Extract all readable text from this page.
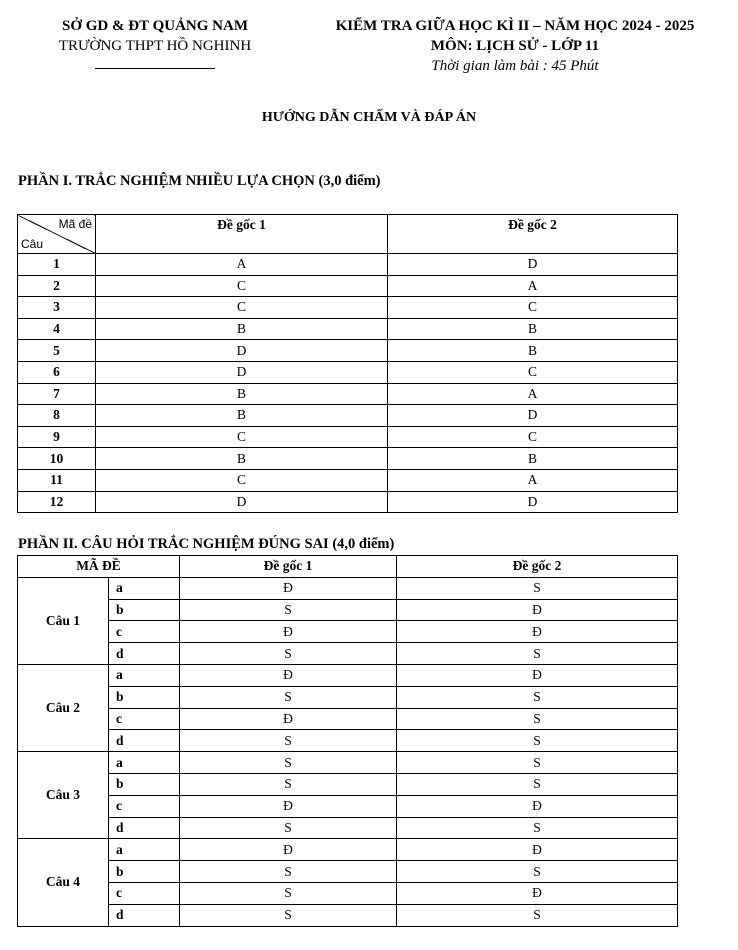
SỞ GD & ĐT QUẢNG NAM
TRƯỜNG THPT HỒ NGHINH
KIỂM TRA GIỮA HỌC KÌ II – NĂM HỌC 2024 - 2025
MÔN: LỊCH SỬ - LỚP 11
Thời gian làm bài : 45 Phút
HƯỚNG DẪN CHẤM VÀ ĐÁP ÁN
PHẦN I. TRẮC NGHIỆM NHIỀU LỰA CHỌN (3,0 điểm)
Mã đề
Câu	Đề gốc 1	Đề gốc 2
1	A	D
2	C	A
3	C	C
4	B	B
5	D	B
6	D	C
7	B	A
8	B	D
9	C	C
10	B	B
11	C	A
12	D	D
PHẦN II. CÂU HỎI TRẮC NGHIỆM ĐÚNG SAI (4,0 điểm)
MÃ ĐỀ		Đề gốc 1	Đề gốc 2
Câu 1	a	Đ	S
	b	S	Đ
	c	Đ	Đ
	d	S	S
Câu 2	a	Đ	Đ
	b	S	S
	c	Đ	S
	d	S	S
Câu 3	a	S	S
	b	S	S
	c	Đ	Đ
	d	S	S
Câu 4	a	Đ	Đ
	b	S	S
	c	S	Đ
	d	S	S
